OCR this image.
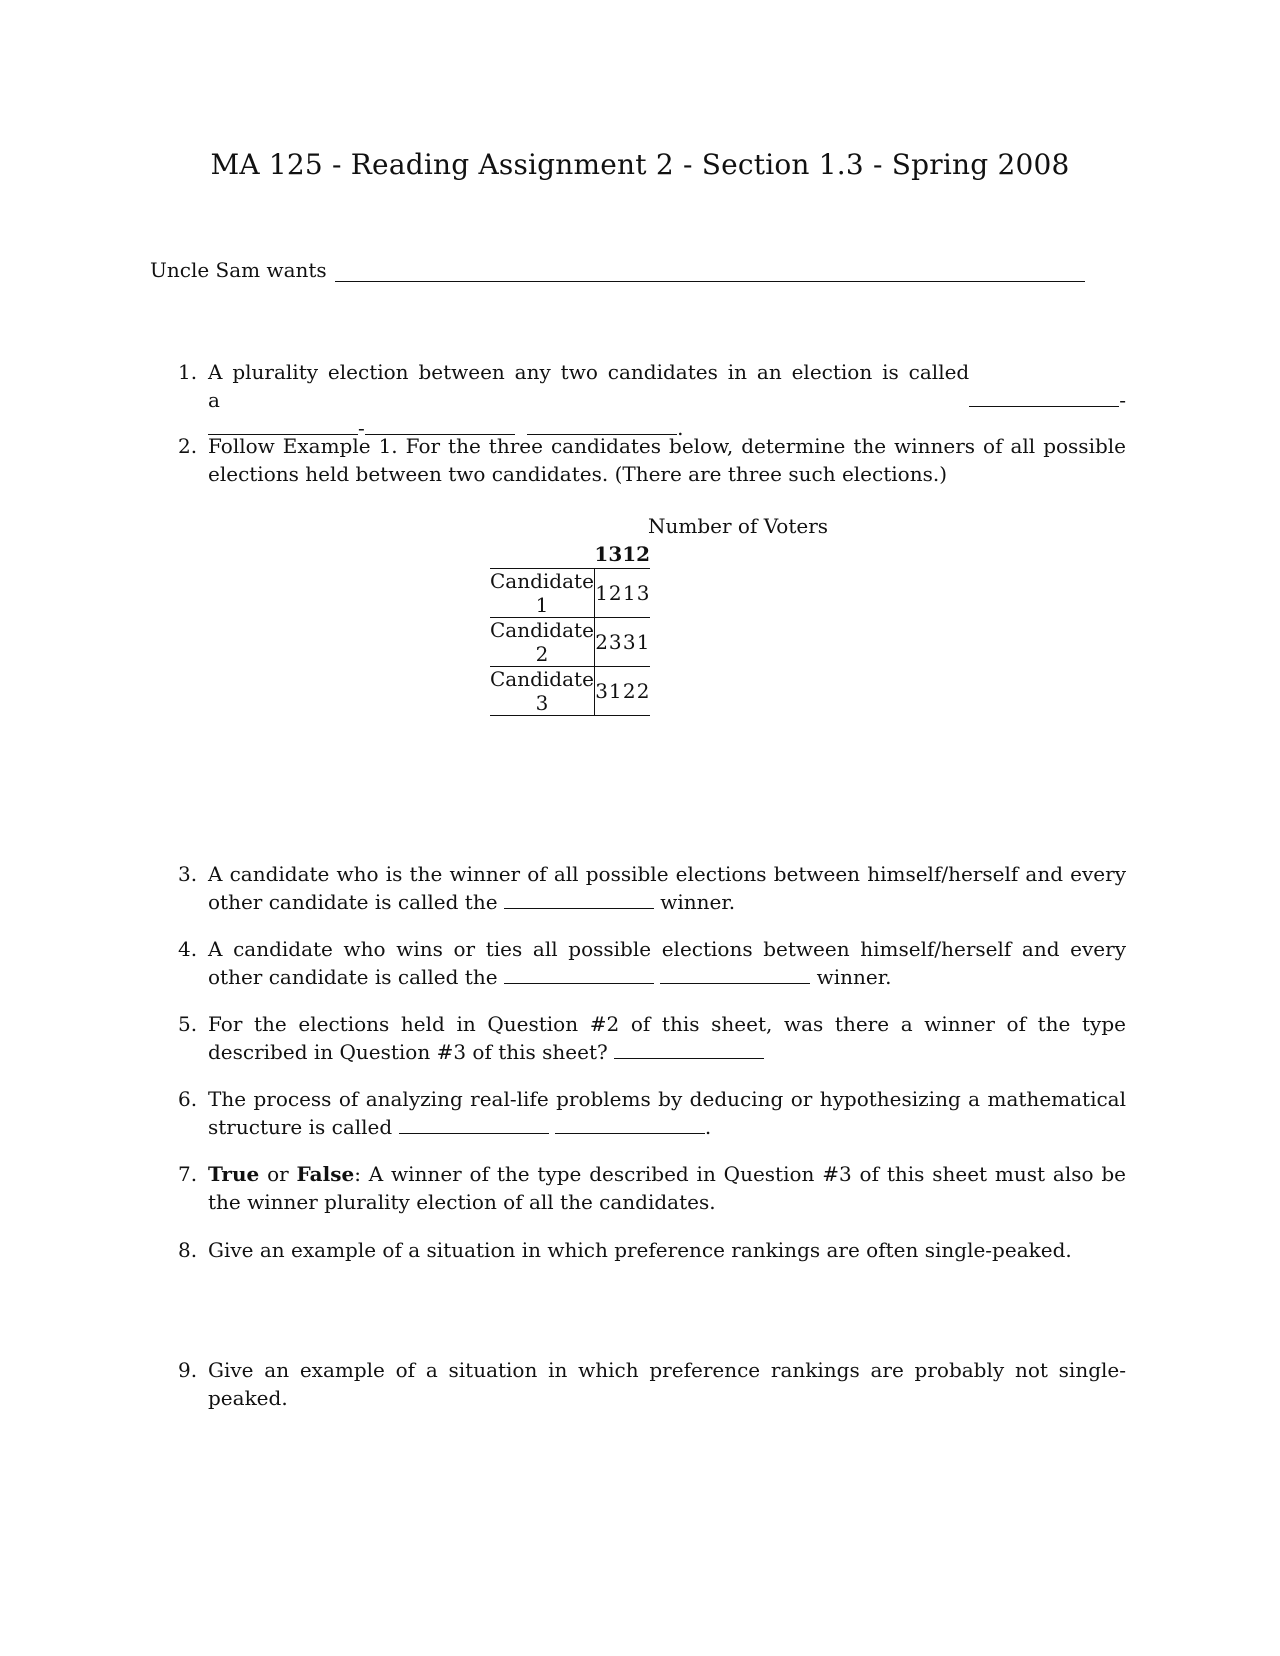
MA 125 - Reading Assignment 2 - Section 1.3 - Spring 2008
Uncle Sam wants
1. A plurality election between any two candidates in an election is called a	-
-	.
2. Follow Example 1. For the three candidates below, determine the winners of all possible elections held between two candidates. (There are three such elections.)
Number of Voters
	1	3	1	2
Candidate 1	1	2	1	3
Candidate 2	2	3	3	1
Candidate 3	3	1	2	2
3. A candidate who is the winner of all possible elections between himself/herself and every other candidate is called the	winner.
4. A candidate who wins or ties all possible elections between himself/herself and every other candidate is called the	winner.
5. For the elections held in Question #2 of this sheet, was there a winner of the type described in Question #3 of this sheet?
6. The process of analyzing real-life problems by deducing or hypothesizing a mathematical structure is called	.
7. True or False: A winner of the type described in Question #3 of this sheet must also be the winner plurality election of all the candidates.
8. Give an example of a situation in which preference rankings are often single-peaked.
9. Give an example of a situation in which preference rankings are probably not single-peaked.
